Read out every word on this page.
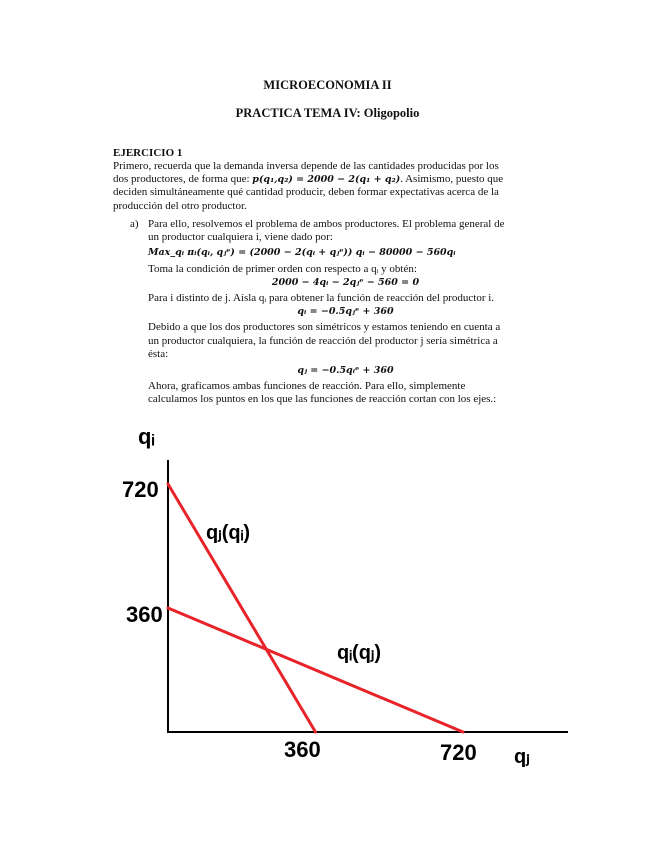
MICROECONOMIA II
PRACTICA TEMA IV: Oligopolio
EJERCICIO 1
Primero, recuerda que la demanda inversa depende de las cantidades producidas por los
dos productores, de forma que: p(q₁,q₂) = 2000 − 2(q₁ + q₂). Asimismo, puesto que
deciden simultáneamente qué cantidad producir, deben formar expectativas acerca de la
producción del otro productor.
a) Para ello, resolvemos el problema de ambos productores. El problema general de
un productor cualquiera i, viene dado por:
Max_qᵢ πᵢ(qᵢ, qⱼᵉ) = (2000 − 2(qᵢ + qⱼᵉ)) qᵢ − 80000 − 560qᵢ
Toma la condición de primer orden con respecto a qᵢ y obtén:
2000 − 4qᵢ − 2qⱼᵉ − 560 = 0
Para i distinto de j. Aísla qᵢ para obtener la función de reacción del productor i.
qᵢ = −0.5qⱼᵉ + 360
Debido a que los dos productores son simétricos y estamos teniendo en cuenta a
un productor cualquiera, la función de reacción del productor j sería simétrica a
ésta:
qⱼ = −0.5qᵢᵉ + 360
Ahora, graficamos ambas funciones de reacción. Para ello, simplemente
calculamos los puntos en los que las funciones de reacción cortan con los ejes.:
qᵢ
720
360
qⱼ(qᵢ)
qᵢ(qⱼ)
360	720 qⱼ
